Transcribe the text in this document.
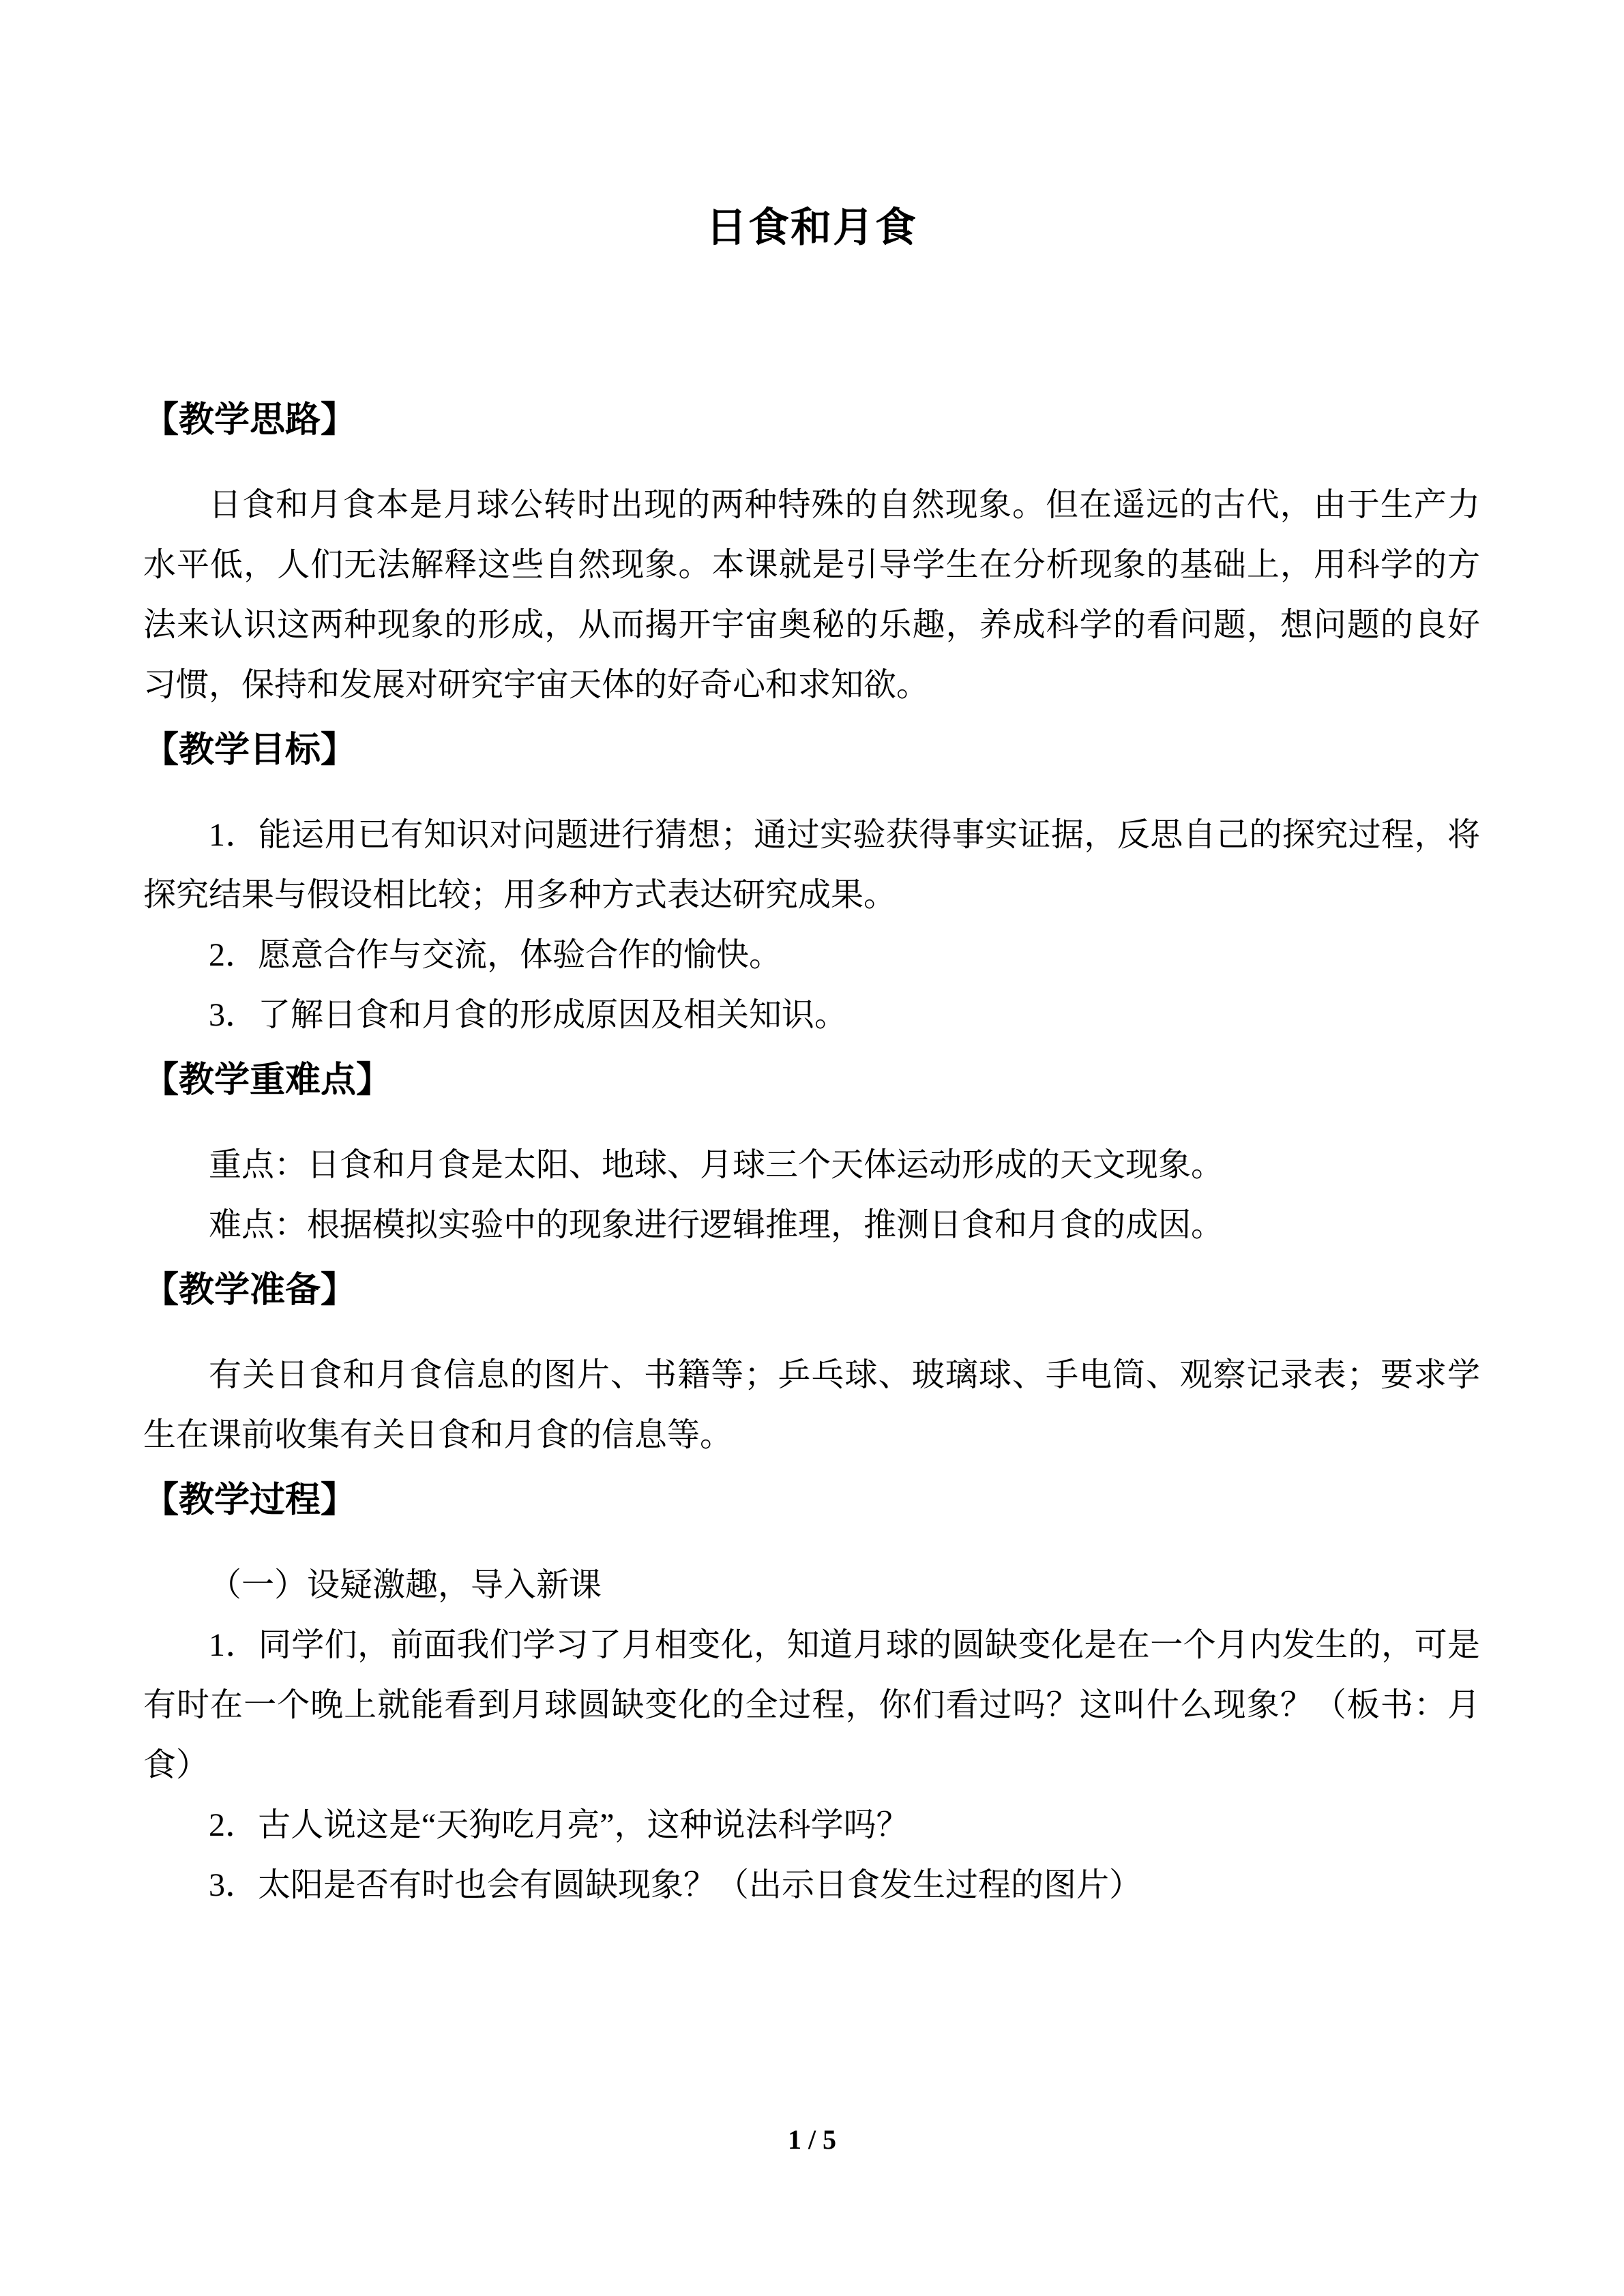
日食和月食
【教学思路】

日食和月食本是月球公转时出现的两种特殊的自然现象。但在遥远的古代，由于生产力水平低，人们无法解释这些自然现象。本课就是引导学生在分析现象的基础上，用科学的方法来认识这两种现象的形成，从而揭开宇宙奥秘的乐趣，养成科学的看问题，想问题的良好习惯，保持和发展对研究宇宙天体的好奇心和求知欲。

【教学目标】

1．能运用已有知识对问题进行猜想；通过实验获得事实证据，反思自己的探究过程，将探究结果与假设相比较；用多种方式表达研究成果。

2．愿意合作与交流，体验合作的愉快。

3．了解日食和月食的形成原因及相关知识。

【教学重难点】

重点：日食和月食是太阳、地球、月球三个天体运动形成的天文现象。

难点：根据模拟实验中的现象进行逻辑推理，推测日食和月食的成因。

【教学准备】

有关日食和月食信息的图片、书籍等；乒乓球、玻璃球、手电筒、观察记录表；要求学生在课前收集有关日食和月食的信息等。

【教学过程】

（一）设疑激趣，导入新课

1．同学们，前面我们学习了月相变化，知道月球的圆缺变化是在一个月内发生的，可是有时在一个晚上就能看到月球圆缺变化的全过程，你们看过吗？这叫什么现象？（板书：月食）

2．古人说这是“天狗吃月亮”，这种说法科学吗？

3．太阳是否有时也会有圆缺现象？（出示日食发生过程的图片）

1 / 5
